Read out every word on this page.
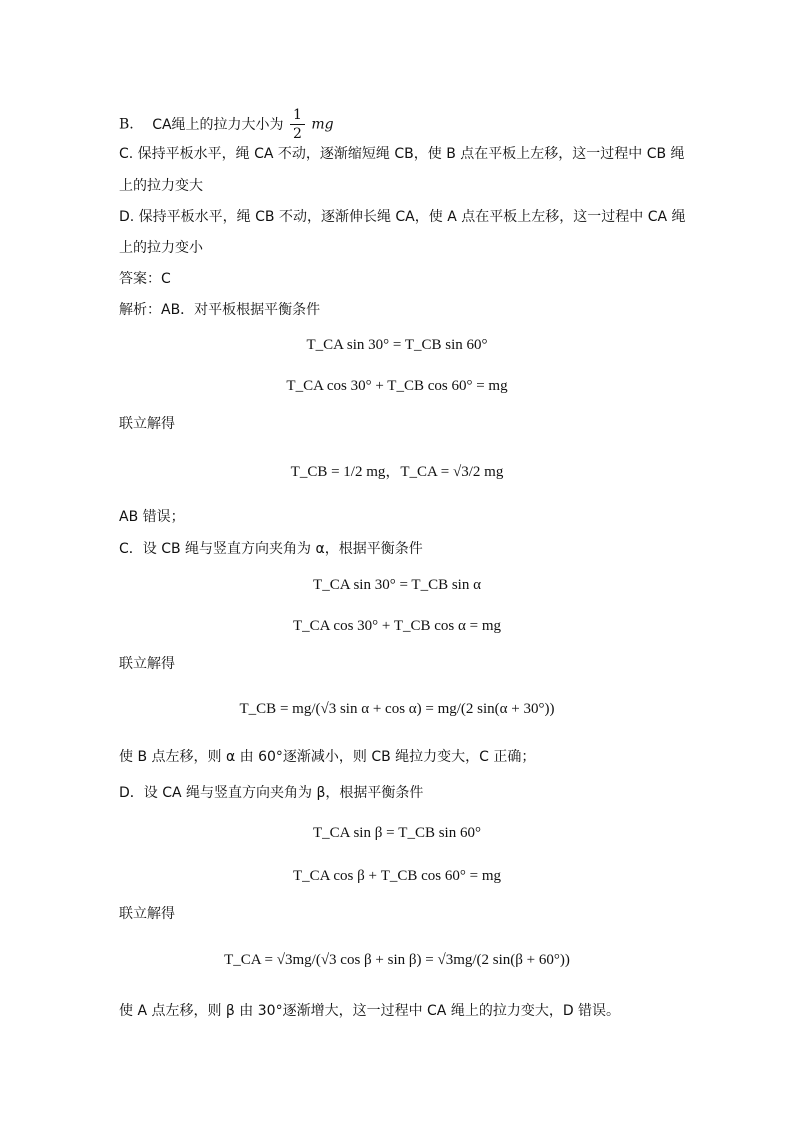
B. CA绳上的拉力大小为 $\frac{1}{2}$ mg
C. 保持平板水平，绳 CA 不动，逐渐缩短绳 CB，使 B 点在平板上左移，这一过程中 CB 绳
上的拉力变大
D. 保持平板水平，绳 CB 不动，逐渐伸长绳 CA，使 A 点在平板上左移，这一过程中 CA 绳
上的拉力变小
答案：C
解析：AB．对平板根据平衡条件
T_CA sin 30° = T_CB sin 60°
T_CA cos 30° + T_CB cos 60° = mg
联立解得
T_CB = 1/2 mg，T_CA = √3/2 mg
AB 错误；
C．设 CB 绳与竖直方向夹角为 α，根据平衡条件
T_CA sin 30° = T_CB sin α
T_CA cos 30° + T_CB cos α = mg
联立解得
T_CB = mg/(√3 sin α + cos α) = mg/(2 sin(α + 30°))
使 B 点左移，则 α 由 60°逐渐减小，则 CB 绳拉力变大，C 正确；
D．设 CA 绳与竖直方向夹角为 β，根据平衡条件
T_CA sin β = T_CB sin 60°
T_CA cos β + T_CB cos 60° = mg
联立解得
T_CA = √3mg/(√3 cos β + sin β) = √3mg/(2 sin(β + 60°))
使 A 点左移，则 β 由 30°逐渐增大，这一过程中 CA 绳上的拉力变大，D 错误。
